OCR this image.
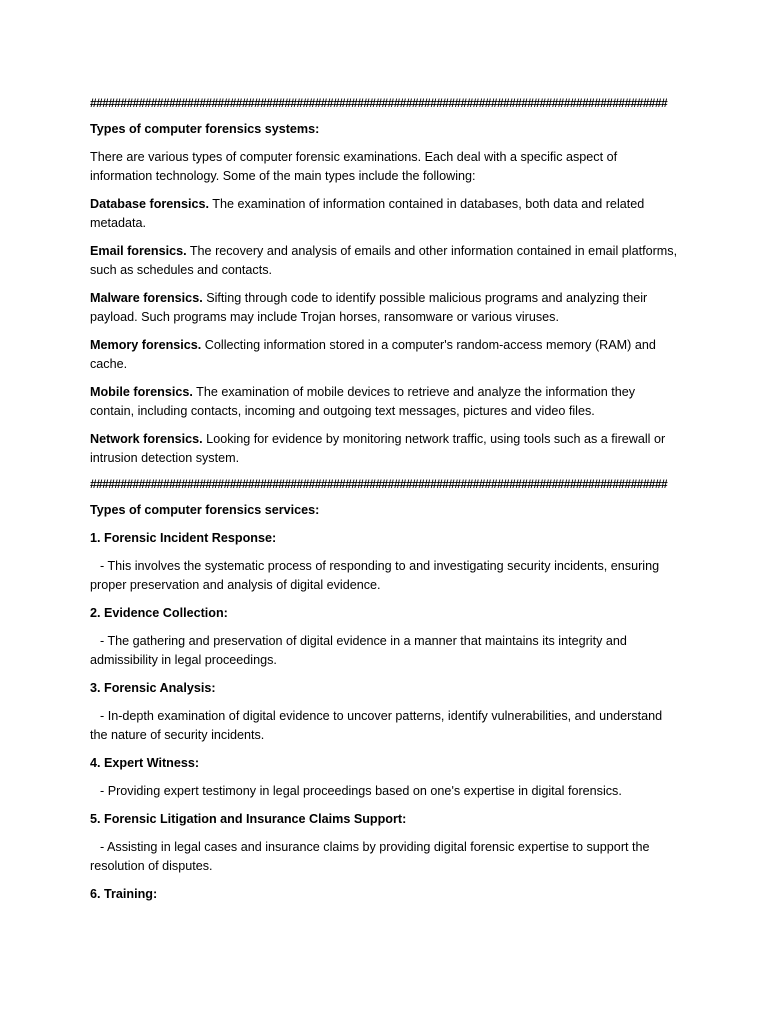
###############################################################################################
Types of computer forensics systems:
There are various types of computer forensic examinations. Each deal with a specific aspect of information technology. Some of the main types include the following:
Database forensics. The examination of information contained in databases, both data and related metadata.
Email forensics. The recovery and analysis of emails and other information contained in email platforms, such as schedules and contacts.
Malware forensics. Sifting through code to identify possible malicious programs and analyzing their payload. Such programs may include Trojan horses, ransomware or various viruses.
Memory forensics. Collecting information stored in a computer's random-access memory (RAM) and cache.
Mobile forensics. The examination of mobile devices to retrieve and analyze the information they contain, including contacts, incoming and outgoing text messages, pictures and video files.
Network forensics. Looking for evidence by monitoring network traffic, using tools such as a firewall or intrusion detection system.
###############################################################################################
Types of computer forensics services:
1. Forensic Incident Response:
- This involves the systematic process of responding to and investigating security incidents, ensuring proper preservation and analysis of digital evidence.
2. Evidence Collection:
- The gathering and preservation of digital evidence in a manner that maintains its integrity and admissibility in legal proceedings.
3. Forensic Analysis:
- In-depth examination of digital evidence to uncover patterns, identify vulnerabilities, and understand the nature of security incidents.
4. Expert Witness:
- Providing expert testimony in legal proceedings based on one's expertise in digital forensics.
5. Forensic Litigation and Insurance Claims Support:
- Assisting in legal cases and insurance claims by providing digital forensic expertise to support the resolution of disputes.
6. Training:
